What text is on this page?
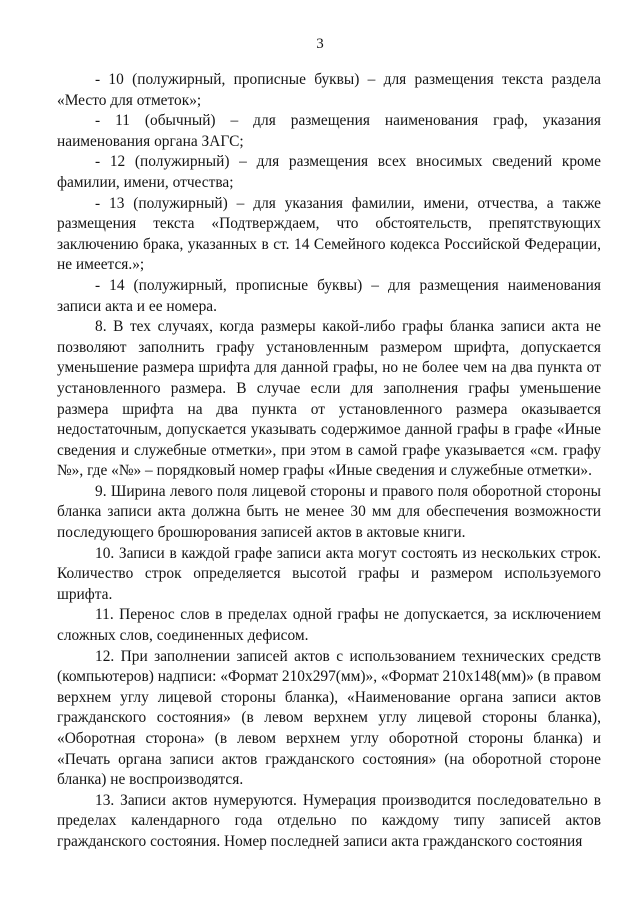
3

- 10 (полужирный, прописные буквы) – для размещения текста раздела «Место для отметок»;

- 11 (обычный) – для размещения наименования граф, указания наименования органа ЗАГС;

- 12 (полужирный) – для размещения всех вносимых сведений кроме фамилии, имени, отчества;

- 13 (полужирный) – для указания фамилии, имени, отчества, а также размещения текста «Подтверждаем, что обстоятельств, препятствующих заключению брака, указанных в ст. 14 Семейного кодекса Российской Федерации, не имеется.»;

- 14 (полужирный, прописные буквы) – для размещения наименования записи акта и ее номера.

8. В тех случаях, когда размеры какой-либо графы бланка записи акта не позволяют заполнить графу установленным размером шрифта, допускается уменьшение размера шрифта для данной графы, но не более чем на два пункта от установленного размера. В случае если для заполнения графы уменьшение размера шрифта на два пункта от установленного размера оказывается недостаточным, допускается указывать содержимое данной графы в графе «Иные сведения и служебные отметки», при этом в самой графе указывается «см. графу №», где «№» – порядковый номер графы «Иные сведения и служебные отметки».

9. Ширина левого поля лицевой стороны и правого поля оборотной стороны бланка записи акта должна быть не менее 30 мм для обеспечения возможности последующего брошюрования записей актов в актовые книги.

10. Записи в каждой графе записи акта могут состоять из нескольких строк. Количество строк определяется высотой графы и размером используемого шрифта.

11. Перенос слов в пределах одной графы не допускается, за исключением сложных слов, соединенных дефисом.

12. При заполнении записей актов с использованием технических средств (компьютеров) надписи: «Формат 210x297(мм)», «Формат 210x148(мм)» (в правом верхнем углу лицевой стороны бланка), «Наименование органа записи актов гражданского состояния» (в левом верхнем углу лицевой стороны бланка), «Оборотная сторона» (в левом верхнем углу оборотной стороны бланка) и «Печать органа записи актов гражданского состояния» (на оборотной стороне бланка) не воспроизводятся.

13. Записи актов нумеруются. Нумерация производится последовательно в пределах календарного года отдельно по каждому типу записей актов гражданского состояния. Номер последней записи акта гражданского состояния
